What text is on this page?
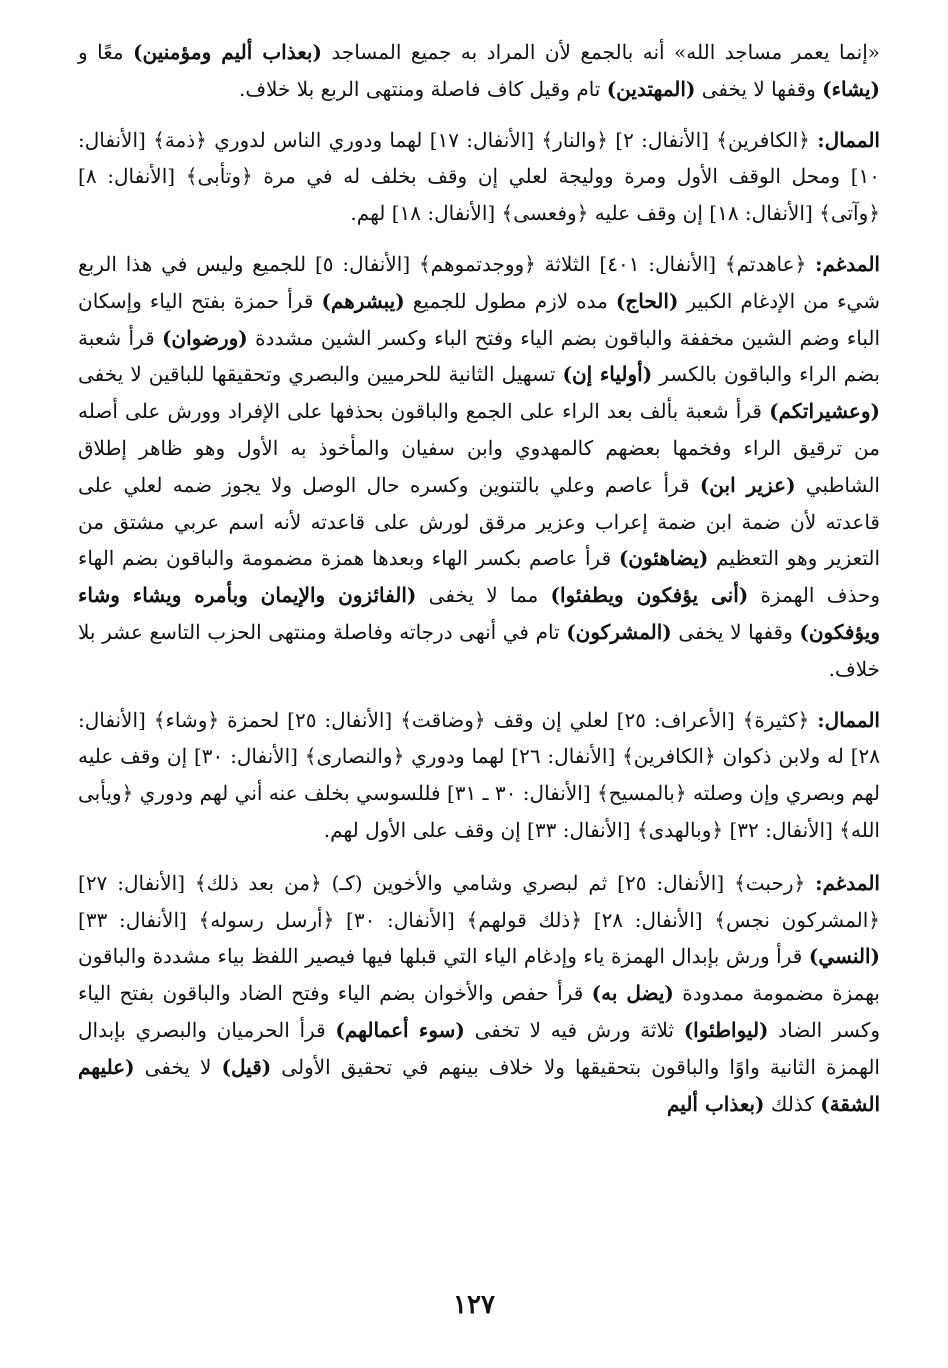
«إنما يعمر مساجد الله» أنه بالجمع لأن المراد به جميع المساجد (بعذاب أليم ومؤمنين) معًا و (يشاء) وقفها لا يخفى (المهتدين) تام وقيل كاف فاصلة ومنتهى الربع بلا خلاف.

الممال: ﴿الكافرين﴾ [الأنفال: ٢] ﴿والنار﴾ [الأنفال: ١٧] لهما ودوري الناس لدوري ﴿ذمة﴾ [الأنفال: ١٠] ومحل الوقف الأول ومرة ووليجة لعلي إن وقف بخلف له في مرة ﴿وتأبى﴾ [الأنفال: ٨] ﴿وآتى﴾ [الأنفال: ١٨] إن وقف عليه ﴿وفعسى﴾ [الأنفال: ١٨] لهم.

المدغم: ﴿عاهدتم﴾ [الأنفال: ٤٠١] الثلاثة ﴿ووجدتموهم﴾ [الأنفال: ٥] للجميع وليس في هذا الربع شيء من الإدغام الكبير (الحاج) مده لازم مطول للجميع (يبشرهم) قرأ حمزة بفتح الياء وإسكان الباء وضم الشين مخففة والباقون بضم الياء وفتح الباء وكسر الشين مشددة (ورضوان) قرأ شعبة بضم الراء والباقون بالكسر (أولياء إن) تسهيل الثانية للحرميين والبصري وتحقيقها للباقين لا يخفى (وعشيراتكم) قرأ شعبة بألف بعد الراء على الجمع والباقون بحذفها على الإفراد وورش على أصله من ترقيق الراء وفخمها بعضهم كالمهدوي وابن سفيان والمأخوذ به الأول وهو ظاهر إطلاق الشاطبي (عزير ابن) قرأ عاصم وعلي بالتنوين وكسره حال الوصل ولا يجوز ضمه لعلي على قاعدته لأن ضمة ابن ضمة إعراب وعزير مرقق لورش على قاعدته لأنه اسم عربي مشتق من التعزير وهو التعظيم (يضاهئون) قرأ عاصم بكسر الهاء وبعدها همزة مضمومة والباقون بضم الهاء وحذف الهمزة (أنى يؤفكون ويطفئوا) مما لا يخفى (الفائزون والإيمان وبأمره ويشاء وشاء ويؤفكون) وقفها لا يخفى (المشركون) تام في أنهى درجاته وفاصلة ومنتهى الحزب التاسع عشر بلا خلاف.

الممال: ﴿كثيرة﴾ [الأعراف: ٢٥] لعلي إن وقف ﴿وضاقت﴾ [الأنفال: ٢٥] لحمزة ﴿وشاء﴾ [الأنفال: ٢٨] له ولابن ذكوان ﴿الكافرين﴾ [الأنفال: ٢٦] لهما ودوري ﴿والنصارى﴾ [الأنفال: ٣٠] إن وقف عليه لهم وبصري وإن وصلته ﴿بالمسيح﴾ [الأنفال: ٣٠ ـ ٣١] فللسوسي بخلف عنه أني لهم ودوري ﴿ويأبى الله﴾ [الأنفال: ٣٢] ﴿وبالهدى﴾ [الأنفال: ٣٣] إن وقف على الأول لهم.

المدغم: ﴿رحبت﴾ [الأنفال: ٢٥] ثم لبصري وشامي والأخوين (كـ) ﴿من بعد ذلك﴾ [الأنفال: ٢٧] ﴿المشركون نجس﴾ [الأنفال: ٢٨] ﴿ذلك قولهم﴾ [الأنفال: ٣٠] ﴿أرسل رسوله﴾ [الأنفال: ٣٣] (النسي) قرأ ورش بإبدال الهمزة ياء وإدغام الياء التي قبلها فيها فيصير اللفظ بياء مشددة والباقون بهمزة مضمومة ممدودة (يضل به) قرأ حفص والأخوان بضم الياء وفتح الضاد والباقون بفتح الياء وكسر الضاد (ليواطئوا) ثلاثة ورش فيه لا تخفى (سوء أعمالهم) قرأ الحرميان والبصري بإبدال الهمزة الثانية واوًا والباقون بتحقيقها ولا خلاف بينهم في تحقيق الأولى (قيل) لا يخفى (عليهم الشقة) كذلك (بعذاب أليم

١٢٧
